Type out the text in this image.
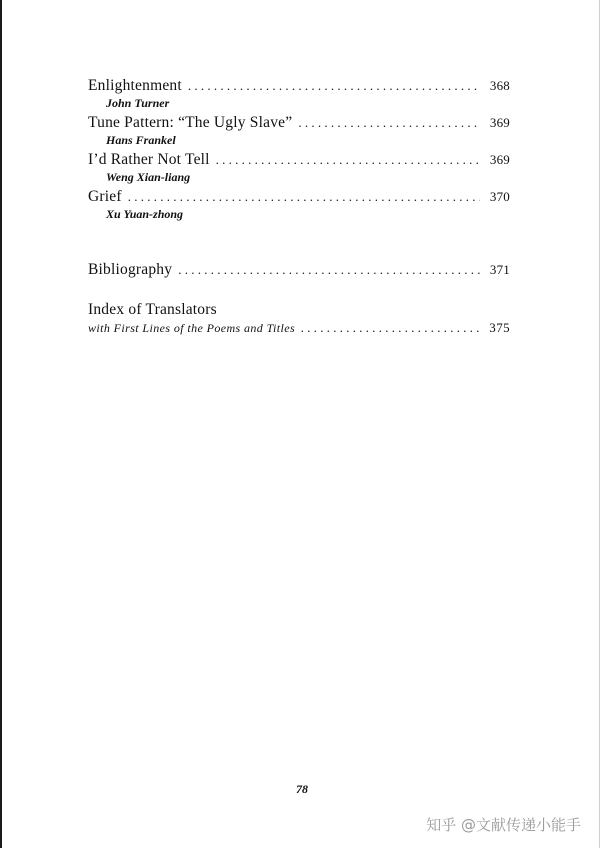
Enlightenment . . .	368
John Turner
Tune Pattern: “The Ugly Slave” . . .	369
Hans Frankel
I’d Rather Not Tell . . .	369
Weng Xian-liang
Grief . . .	370
Xu Yuan-zhong
Bibliography . . .	371
Index of Translators
with First Lines of the Poems and Titles . . .	375
78
知乎 @文献传递小能手
